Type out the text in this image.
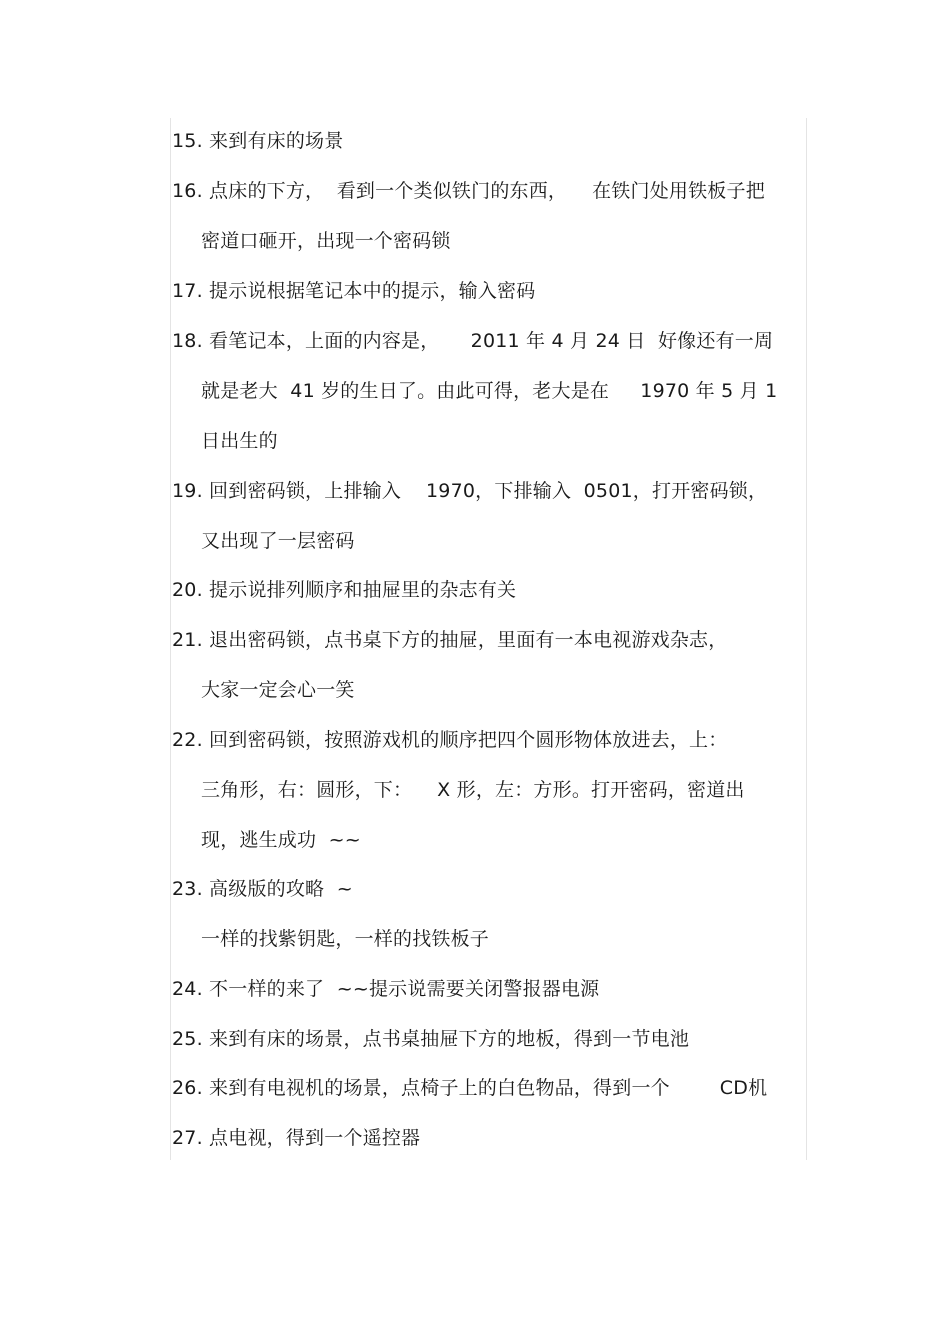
15. 来到有床的场景
16. 点床的下方，  看到一个类似铁门的东西，    在铁门处用铁板子把
密道口砸开，出现一个密码锁
17. 提示说根据笔记本中的提示，输入密码
18. 看笔记本，上面的内容是，     2011 年 4 月 24 日  好像还有一周
就是老大  41 岁的生日了。由此可得，老大是在     1970 年 5 月 1
日出生的
19. 回到密码锁，上排输入    1970，下排输入  0501，打开密码锁，
又出现了一层密码
20. 提示说排列顺序和抽屉里的杂志有关
21. 退出密码锁，点书桌下方的抽屉，里面有一本电视游戏杂志，
大家一定会心一笑
22. 回到密码锁，按照游戏机的顺序把四个圆形物体放进去，上：
三角形，右：圆形，下：    X 形，左：方形。打开密码，密道出
现，逃生成功  ~~
23. 高级版的攻略  ~
一样的找紫钥匙，一样的找铁板子
24. 不一样的来了  ~~提示说需要关闭警报器电源
25. 来到有床的场景，点书桌抽屉下方的地板，得到一节电池
26. 来到有电视机的场景，点椅子上的白色物品，得到一个        CD机
27. 点电视，得到一个遥控器
